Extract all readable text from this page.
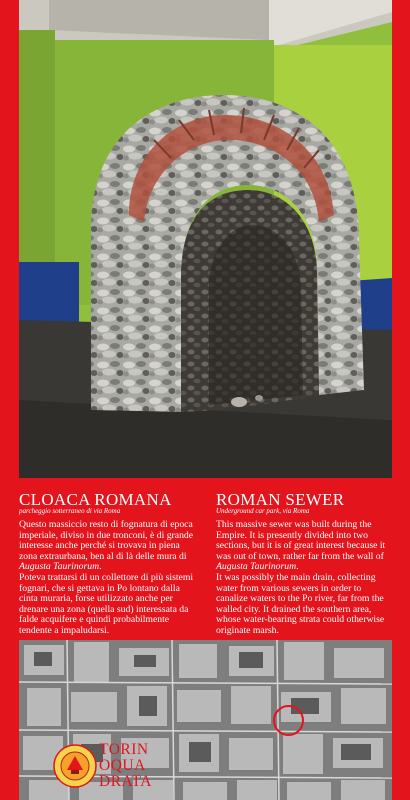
CLOACA ROMANA
parcheggio sotterraneo di via Roma

Questo massiccio resto di fognatura di epoca imperiale, diviso in due tronconi, è di grande interesse anche perché si trovava in piena zona extraurbana, ben al di là delle mura di Augusta Taurinorum.

Poteva trattarsi di un collettore di più sistemi fognari, che si gettava in Po lontano dalla cinta muraria, forse utilizzato anche per drenare una zona (quella sud) interessata da falde acquifere e quindi probabilmente tendente a impaludarsi.

ROMAN SEWER
Underground car park, via Roma

This massive sewer was built during the Empire. It is presently divided into two sections, but it is of great interest because it was out of town, rather far from the wall of Augusta Taurinorum.

It was possibly the main drain, collecting water from various sewers in order to canalize waters to the Po river, far from the walled city. It drained the southern area, whose water-bearing strata could otherwise originate marsh.

TORIN
OQUA
DRATA
